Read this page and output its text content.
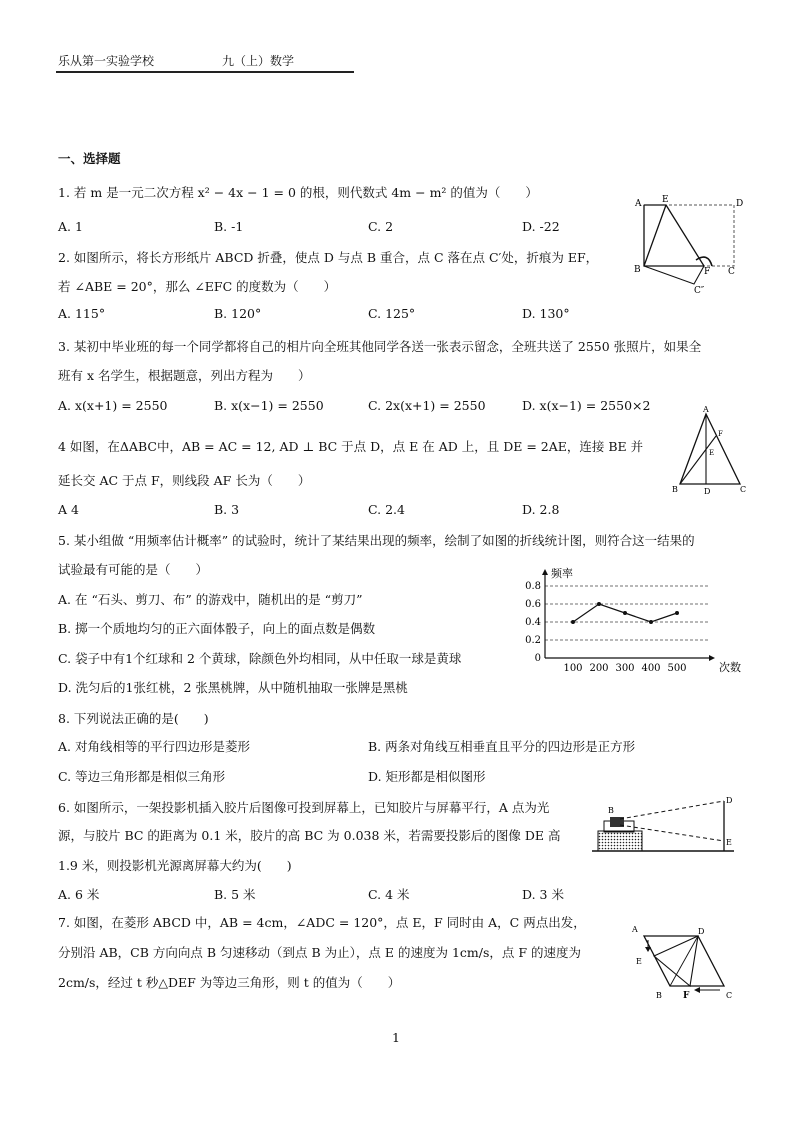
乐从第一实验学校	九（上）数学
一、选择题
1. 若 m 是一元二次方程 x² − 4x − 1 = 0 的根，则代数式 4m − m² 的值为（　　）
A. 1	B. -1	C. 2	D. -22
2. 如图所示，将长方形纸片 ABCD 折叠，使点 D 与点 B 重合，点 C 落在点 C′处，折痕为 EF，
若 ∠ABE = 20°，那么 ∠EFC 的度数为（　　）
A. 115°	B. 120°	C. 125°	D. 130°
A E	D
B	F C
C″
3. 某初中毕业班的每一个同学都将自己的相片向全班其他同学各送一张表示留念，全班共送了 2550 张照片，如果全
班有 x 名学生，根据题意，列出方程为　　）
A. x(x+1) = 2550	B. x(x−1) = 2550	C. 2x(x+1) = 2550	D. x(x−1) = 2550×2	A
F
E
B	D	C
4 如图，在ΔABC中，AB = AC = 12, AD ⊥ BC 于点 D，点 E 在 AD 上，且 DE = 2AE，连接 BE 并
延长交 AC 于点 F，则线段 AF 长为（　　）
A 4	B. 3	C. 2.4	D. 2.8
5. 某小组做 “用频率估计概率” 的试验时，统计了某结果出现的频率，绘制了如图的折线统计图，则符合这一结果的
试验最有可能的是（　　）
A. 在 “石头、剪刀、布” 的游戏中，随机出的是 “剪刀”
B. 掷一个质地均匀的正六面体骰子，向上的面点数是偶数
C. 袋子中有1个红球和 2 个黄球，除颜色外均相同，从中任取一球是黄球
D. 洗匀后的1张红桃，2 张黑桃牌，从中随机抽取一张牌是黑桃
0
0.2
0.4
0.6
0.8
100 200 300 400 500
频率
次数
8. 下列说法正确的是(　　)
A. 对角线相等的平行四边形是菱形	B. 两条对角线互相垂直且平分的四边形是正方形
C. 等边三角形都是相似三角形	D. 矩形都是相似图形
6. 如图所示，一架投影机插入胶片后图像可投到屏幕上，已知胶片与屏幕平行，A 点为光
源，与胶片 BC 的距离为 0.1 米，胶片的高 BC 为 0.038 米，若需要投影后的图像 DE 高
1.9 米，则投影机光源离屏幕大约为(　　)
A. 6 米	B. 5 米	C. 4 米	D. 3 米
B
D
E
7. 如图，在菱形 ABCD 中，AB = 4cm，∠ADC = 120°，点 E，F 同时由 A，C 两点出发，
分别沿 AB，CB 方向向点 B 匀速移动（到点 B 为止），点 E 的速度为 1cm/s，点 F 的速度为
2cm/s，经过 t 秒△DEF 为等边三角形，则 t 的值为（　　）
A	D
E
B F	C
1
